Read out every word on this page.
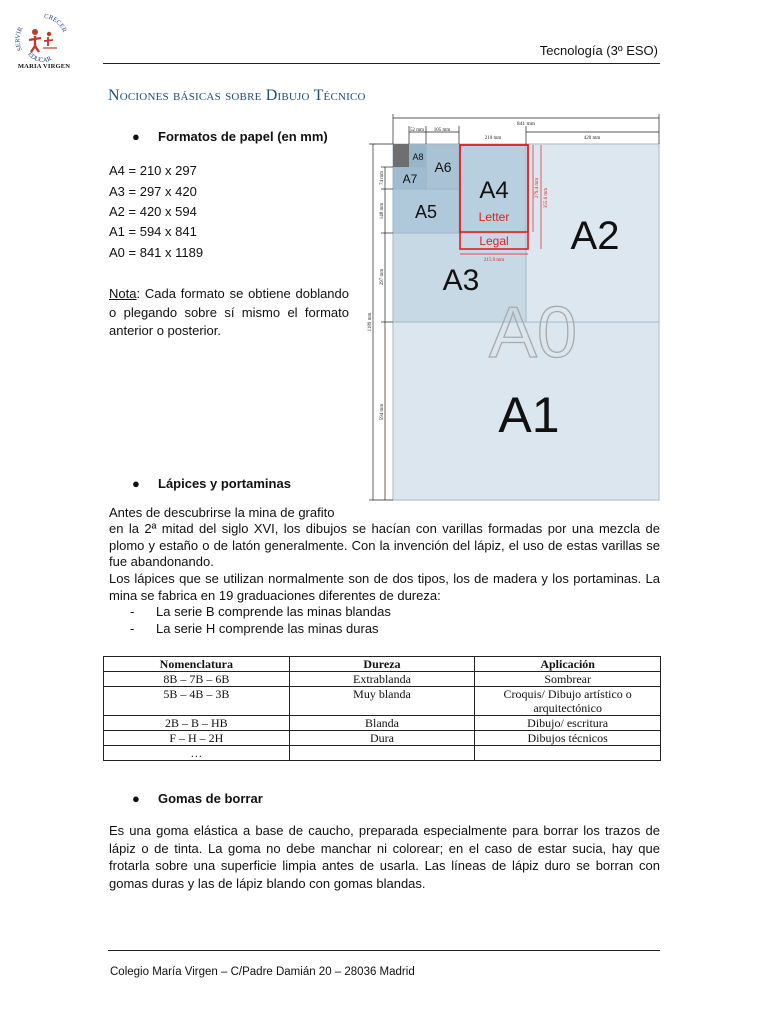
SERVIR
CRECER
EDUCAR
MARIA VIRGEN
Tecnología (3º ESO)
Nociones básicas sobre Dibujo Técnico
● Formatos de papel (en mm)
A4 = 210 x 297
A3 = 297 x 420
A2 = 420 x 594
A1 = 594 x 841
A0 = 841 x 1189
Nota: Cada formato se obtiene doblando o plegando sobre sí mismo el formato anterior o posterior.	A0
A1
A2
A3
A4
Letter
Legal
A5
A6
A7
A8
841 mm
52 mm 105 mm
210 mm	420 mm
1189 mm
74 mm
148 mm
297 mm
594 mm
279.4 mm 355.6 mm
215.9 mm
● Lápices y portaminas
Antes de descubrirse la mina de grafito
en la 2ª mitad del siglo XVI, los dibujos se hacían con varillas formadas por una mezcla de plomo y estaño o de latón generalmente. Con la invención del lápiz, el uso de estas varillas se fue abandonando.
Los lápices que se utilizan normalmente son de dos tipos, los de madera y los portaminas. La mina se fabrica en 19 graduaciones diferentes de dureza:
- La serie B comprende las minas blandas
- La serie H comprende las minas duras
Nomenclatura	Dureza	Aplicación
8B – 7B – 6B	Extrablanda	Sombrear
5B – 4B – 3B	Muy blanda	Croquis/ Dibujo artístico o arquitectónico
2B – B – HB	Blanda	Dibujo/ escritura
F – H – 2H	Dura	Dibujos técnicos
…		
● Gomas de borrar
Es una goma elástica a base de caucho, preparada especialmente para borrar los trazos de lápiz o de tinta. La goma no debe manchar ni colorear; en el caso de estar sucia, hay que frotarla sobre una superficie limpia antes de usarla. Las líneas de lápiz duro se borran con gomas duras y las de lápiz blando con gomas blandas.
Colegio María Virgen – C/Padre Damián 20 – 28036 Madrid
